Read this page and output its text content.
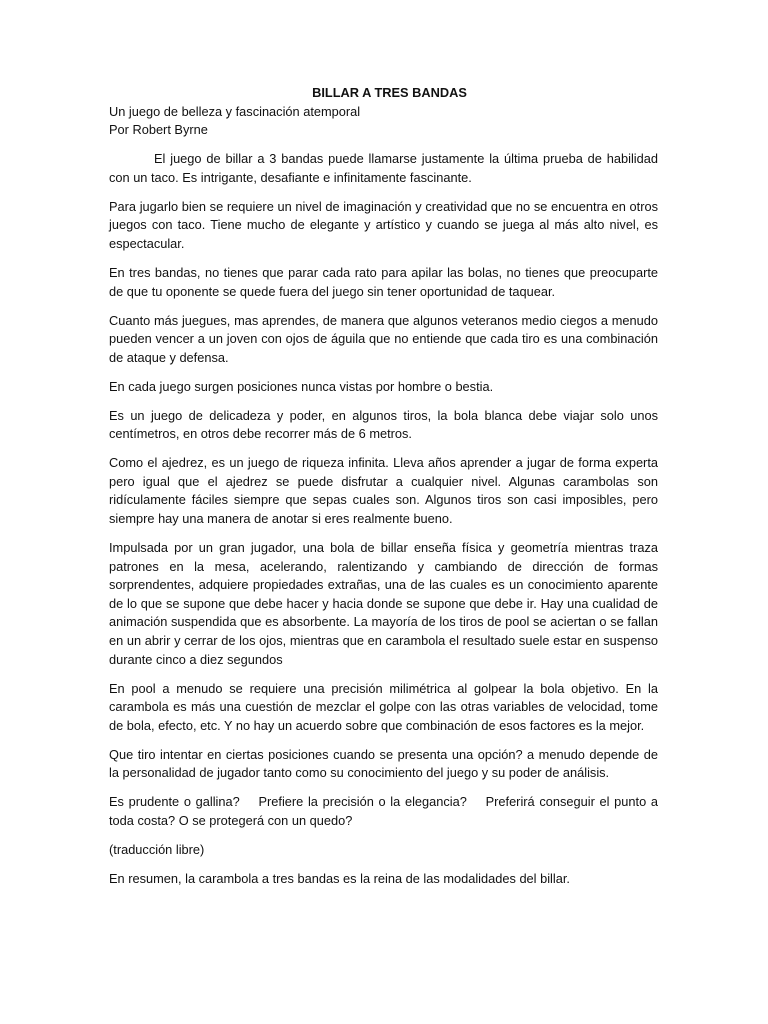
BILLAR A TRES BANDAS

Un juego de belleza y fascinación atemporal

Por Robert Byrne

El juego de billar a 3 bandas puede llamarse justamente la última prueba de habilidad con un taco. Es intrigante, desafiante e infinitamente fascinante.

Para jugarlo bien se requiere un nivel de imaginación y creatividad que no se encuentra en otros juegos con taco. Tiene mucho de elegante y artístico y cuando se juega al más alto nivel, es espectacular.

En tres bandas, no tienes que parar cada rato para apilar las bolas, no tienes que preocuparte de que tu oponente se quede fuera del juego sin tener oportunidad de taquear.

Cuanto más juegues, mas aprendes, de manera que algunos veteranos medio ciegos a menudo pueden vencer a un joven con ojos de águila que no entiende que cada tiro es una combinación de ataque y defensa.

En cada juego surgen posiciones nunca vistas por hombre o bestia.

Es un juego de delicadeza y poder, en algunos tiros, la bola blanca debe viajar solo unos centímetros, en otros debe recorrer más de 6 metros.

Como el ajedrez, es un juego de riqueza infinita. Lleva años aprender a jugar de forma experta pero igual que el ajedrez se puede disfrutar a cualquier nivel. Algunas carambolas son ridículamente fáciles siempre que sepas cuales son. Algunos tiros son casi imposibles, pero siempre hay una manera de anotar si eres realmente bueno.

Impulsada por un gran jugador, una bola de billar enseña física y geometría mientras traza patrones en la mesa, acelerando, ralentizando y cambiando de dirección de formas sorprendentes, adquiere propiedades extrañas, una de las cuales es un conocimiento aparente de lo que se supone que debe hacer y hacia donde se supone que debe ir. Hay una cualidad de animación suspendida que es absorbente. La mayoría de los tiros de pool se aciertan o se fallan en un abrir y cerrar de los ojos, mientras que en carambola el resultado suele estar en suspenso durante cinco a diez segundos

En pool a menudo se requiere una precisión milimétrica al golpear la bola objetivo. En la carambola es más una cuestión de mezclar el golpe con las otras variables de velocidad, tome de bola, efecto, etc. Y no hay un acuerdo sobre que combinación de esos factores es la mejor.

Que tiro intentar en ciertas posiciones cuando se presenta una opción? a menudo depende de la personalidad de jugador tanto como su conocimiento del juego y su poder de análisis.

Es prudente o gallina?    Prefiere la precisión o la elegancia?    Preferirá conseguir el punto a toda costa? O se protegerá con un quedo?

(traducción libre)

En resumen, la carambola a tres bandas es la reina de las modalidades del billar.
